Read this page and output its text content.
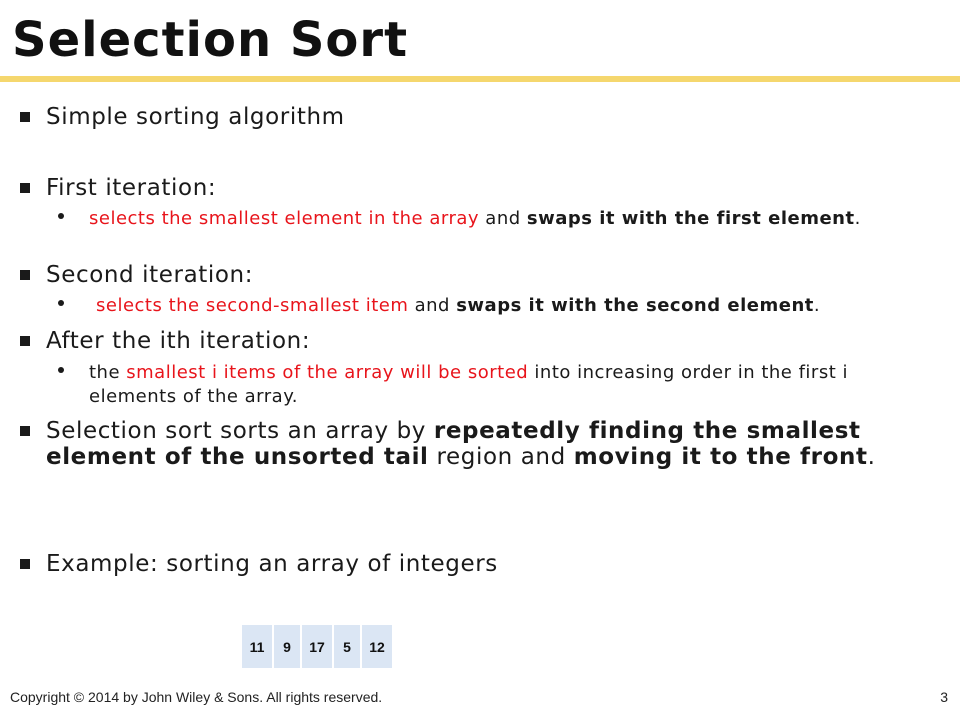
Selection Sort
Simple sorting algorithm
First iteration:
selects the smallest element in the array and swaps it with the first element.
Second iteration:
selects the second-smallest item and swaps it with the second element.
After the ith iteration:
the smallest i items of the array will be sorted into increasing order in the first i elements of the array.
Selection sort sorts an array by repeatedly finding the smallest element of the unsorted tail region and moving it to the front.
Example: sorting an array of integers
11	9	17	5	12
Copyright © 2014 by John Wiley & Sons. All rights reserved.	3
